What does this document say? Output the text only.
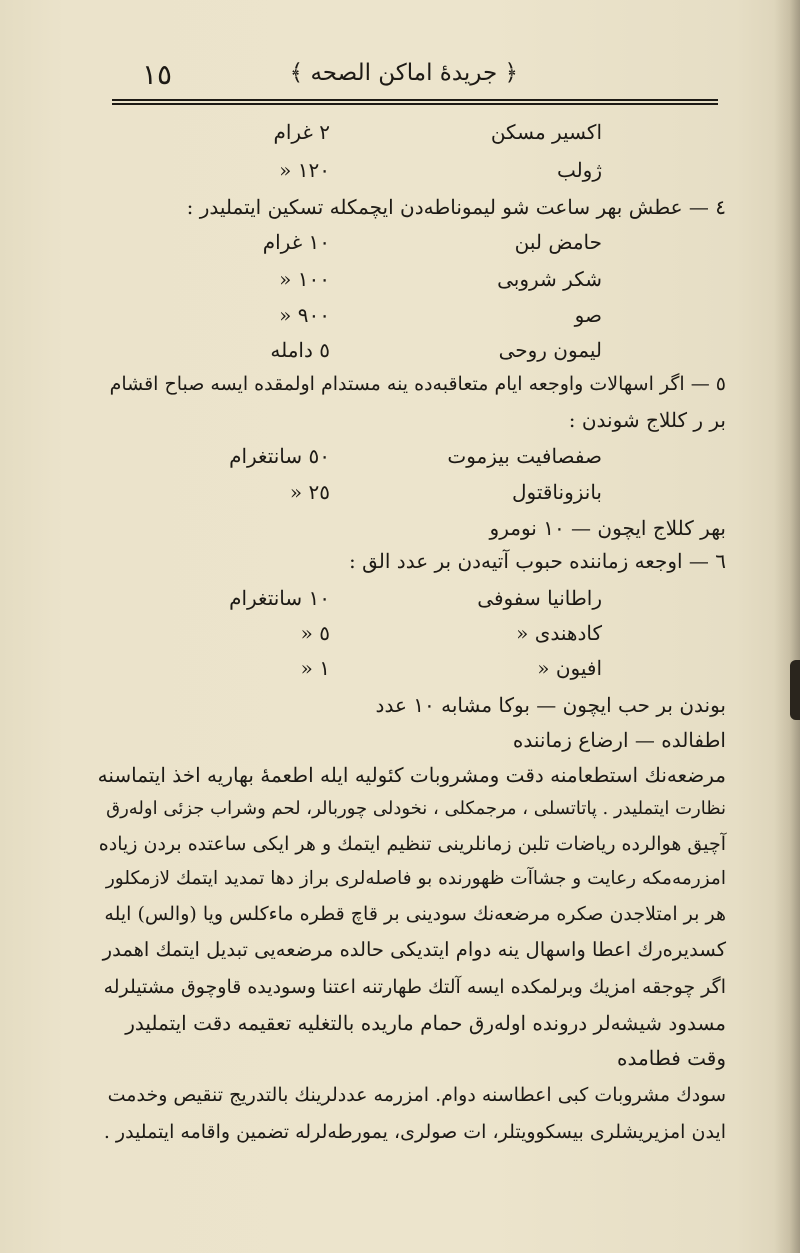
﴿ جریدهٔ اماکن الصحه ﴾
١٥
اکسیر مسکن
٢ غرام
ژولب
١٢٠ «
٤ — عطش بهر ساعت شو لیموناطه‌دن ایچمکله تسکین ایتملیدر :
حامض لبن
١٠ غرام
شکر شروبی
١٠٠ «
صو
٩٠٠ «
لیمون روحی
٥ دامله
٥ — اگر اسهالات واوجعه ایام متعاقبه‌ده ینه مستدام اولمقده ایسه صباح اقشام
بر ر کللاج شوندن :
صفصافیت بیزموت
٥٠ سانتغرام
بانزوناقتول
٢٥ «
بهر کللاج ایچون — ١٠ نومرو
٦ — اوجعه زماننده حبوب آتیه‌دن بر عدد الق :
راطانیا سفوفی
١٠ سانتغرام
کادهندی «
٥ «
افیون «
١ «
بوندن بر حب ایچون — بوکا مشابه ١٠ عدد
اطفالده — ارضاع زماننده
مرضعه‌نك استطعامنه دقت ومشروبات کئولیه ایله اطعمهٔ بهاریه اخذ ایتماسنه
نظارت ایتملیدر . پاتاتسلی ، مرجمکلی ، نخودلی چوربالر، لحم وشراب جزئی اوله‌رق
آچیق هوالرده ریاضات تلبن زمانلرینی تنظیم ایتمك و هر ایکی ساعتده بردن زیاده
امزرمه‌مکه رعایت و جشاآت ظهورنده بو فاصله‌لری براز دها تمدید ایتمك لازمکلور
هر بر امتلاجدن صکره مرضعه‌نك سودینی بر قاچ قطره ماءکلس ویا (والس) ایله
کسدیره‌رك اعطا واسهال ینه دوام ایتدیکی حالده مرضعه‌یی تبدیل ایتمك اهمدر
اگر چوجقه امزیك وبرلمکده ایسه آلتك طهارتنه اعتنا وسودیده قاوچوق مشتیلرله
مسدود شیشه‌لر درونده اوله‌رق حمام ماریده بالتغلیه تعقیمه دقت ایتملیدر
وقت فطامده
سودك مشروبات کبی اعطاسنه دوام. امزرمه عددلرینك بالتدریج تنقیص وخدمت
ایدن امزیریشلری بیسکوویتلر، ات صولری، یمورطه‌لرله تضمین واقامه ایتملیدر .
